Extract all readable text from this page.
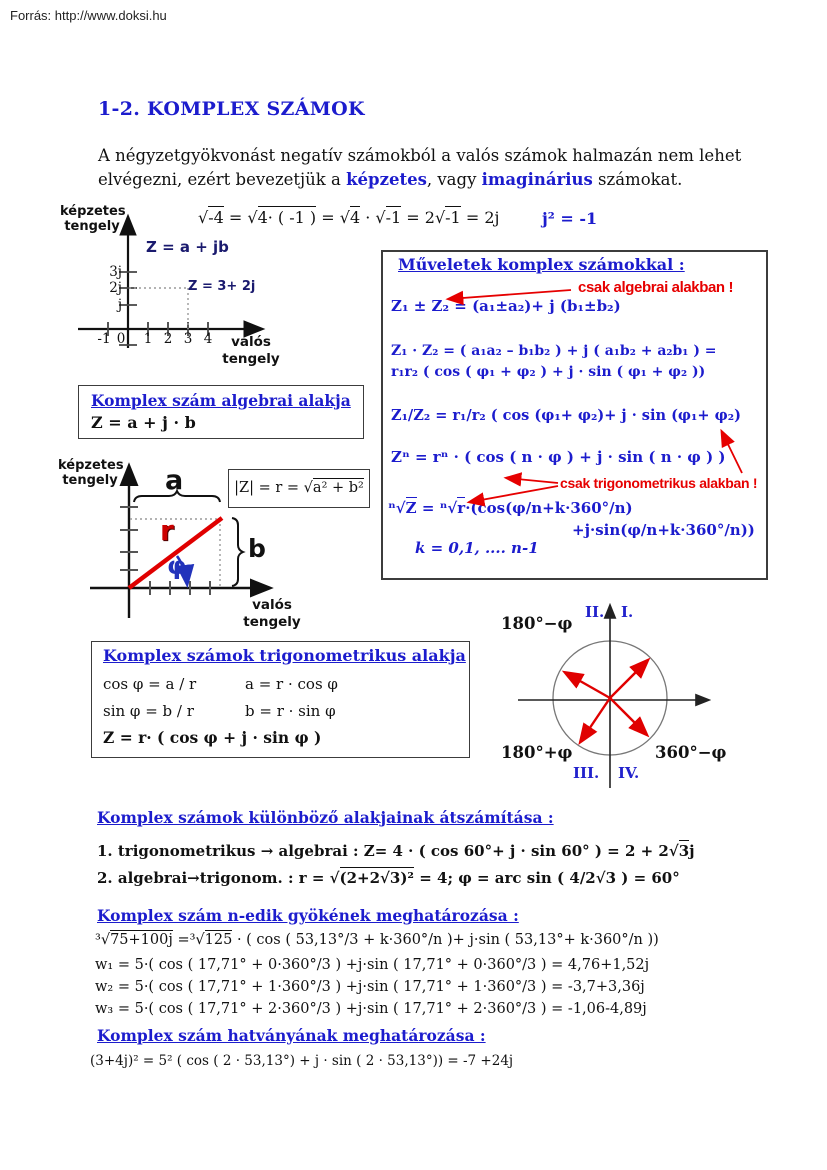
Forrás: http://www.doksi.hu
1-2. KOMPLEX SZÁMOK
A négyzetgyökvonást negatív számokból a valós számok halmazán nem lehet
elvégezni, ezért bevezetjük a képzetes, vagy imaginárius számokat.
√-4 = √4· ( -1 ) = √4 · √-1 = 2√-1 = 2j	j² = -1
képzetes
tengely
3j
2j
j
-1 0 1 2 3 4
Z = a + jb
Z = 3+ 2j
valós
tengely
Komplex szám algebrai alakja
Z = a + j · b
Műveletek komplex számokkal :
csak algebrai alakban !
Z₁ ± Z₂ = (a₁±a₂)+ j (b₁±b₂)
Z₁ · Z₂ = ( a₁a₂ – b₁b₂ ) + j ( a₁b₂ + a₂b₁ ) =
r₁r₂ ( cos ( φ₁ + φ₂ ) + j · sin ( φ₁ + φ₂ ))
Z₁/Z₂ = r₁/r₂ ( cos (φ₁+ φ₂)+ j · sin (φ₁+ φ₂)
Zⁿ = rⁿ · ( cos ( n · φ ) + j · sin ( n · φ ) )
csak trigonometrikus alakban !
ⁿ√Z = ⁿ√r·(cos(φ/n+k·360°/n)
+j·sin(φ/n+k·360°/n))
k = 0,1, .... n-1
képzetes
tengely a
r
b
φ
|Z| = r = √a² + b²
valós
tengely
Komplex számok trigonometrikus alakja
cos φ = a / r	a = r · cos φ
sin φ = b / r	b = r · sin φ
Z = r· ( cos φ + j · sin φ )
II. I.
III. IV.
180°−φ
180°+φ	360°−φ
Komplex számok különböző alakjainak átszámítása :
1. trigonometrikus → algebrai : Z= 4 · ( cos 60°+ j · sin 60° ) = 2 + 2√3j
2. algebrai→trigonom. : r = √(2+2√3)² = 4; φ = arc sin ( 4/2√3 ) = 60°
Komplex szám n-edik gyökének meghatározása :
³√75+100j =³√125 · ( cos ( 53,13°/3 + k·360°/n )+ j·sin ( 53,13°+ k·360°/n ))
w₁ = 5·( cos ( 17,71° + 0·360°/3 ) +j·sin ( 17,71° + 0·360°/3 ) = 4,76+1,52j
w₂ = 5·( cos ( 17,71° + 1·360°/3 ) +j·sin ( 17,71° + 1·360°/3 ) = -3,7+3,36j
w₃ = 5·( cos ( 17,71° + 2·360°/3 ) +j·sin ( 17,71° + 2·360°/3 ) = -1,06-4,89j
Komplex szám hatványának meghatározása :
(3+4j)² = 5² ( cos ( 2 · 53,13°) + j · sin ( 2 · 53,13°)) = -7 +24j
